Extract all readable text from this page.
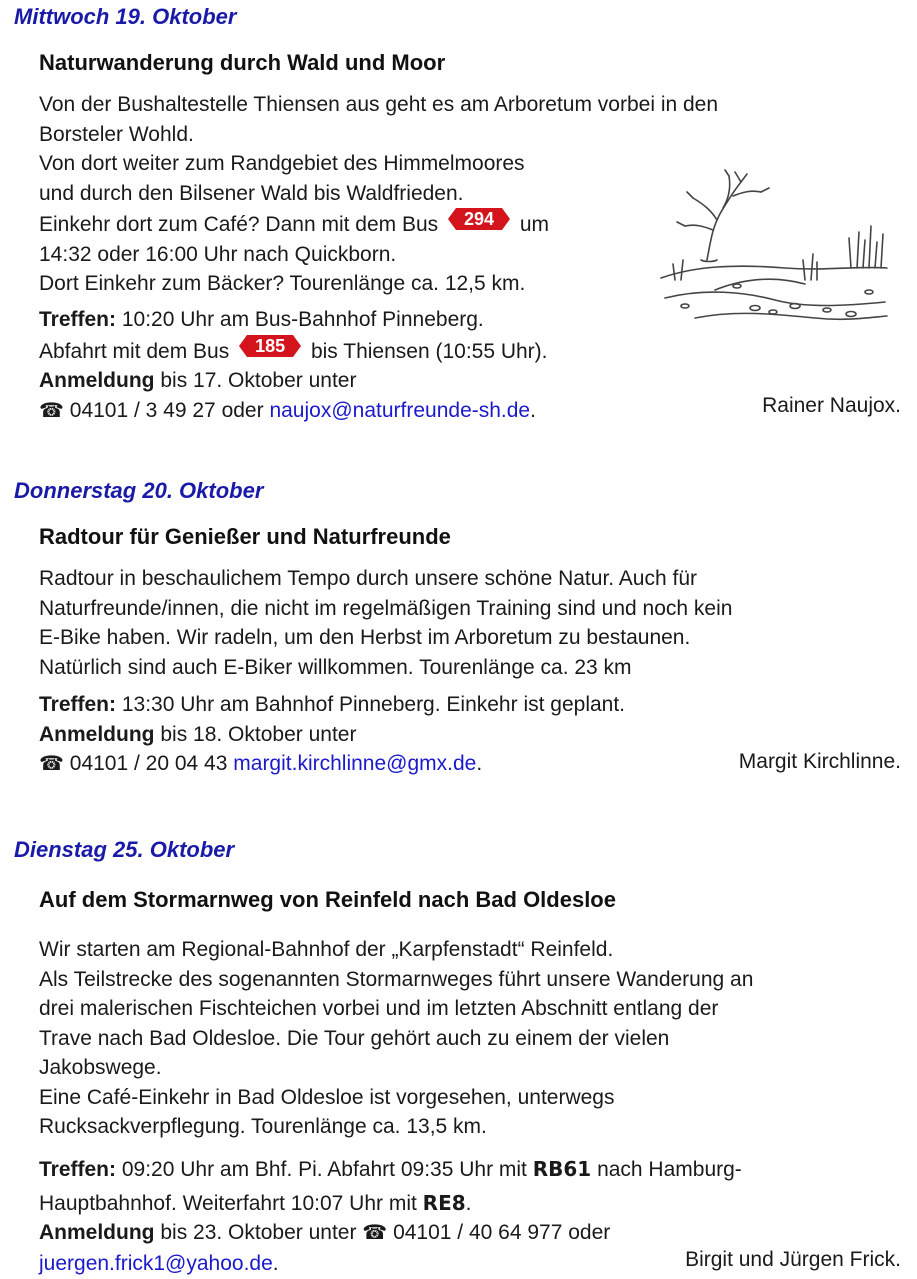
Mittwoch 19. Oktober
Naturwanderung durch Wald und Moor
Von der Bushaltestelle Thiensen aus geht es am Arboretum vorbei in den
Borsteler Wohld.
Von dort weiter zum Randgebiet des Himmelmoores
und durch den Bilsener Wald bis Waldfrieden.
Einkehr dort zum Café? Dann mit dem Bus	294	um
14:32 oder 16:00 Uhr nach Quickborn.
Dort Einkehr zum Bäcker? Tourenlänge ca. 12,5 km.
Treffen: 10:20 Uhr am Bus-Bahnhof Pinneberg.
Abfahrt mit dem Bus	185	bis Thiensen (10:55 Uhr).
Anmeldung bis 17. Oktober unter
☎ 04101 / 3 49 27 oder naujox@naturfreunde-sh.de.	Rainer Naujox.
Donnerstag 20. Oktober
Radtour für Genießer und Naturfreunde
Radtour in beschaulichem Tempo durch unsere schöne Natur. Auch für
Naturfreunde/innen, die nicht im regelmäßigen Training sind und noch kein
E-Bike haben. Wir radeln, um den Herbst im Arboretum zu bestaunen.
Natürlich sind auch E-Biker willkommen. Tourenlänge ca. 23 km
Treffen: 13:30 Uhr am Bahnhof Pinneberg. Einkehr ist geplant.
Anmeldung bis 18. Oktober unter
☎ 04101 / 20 04 43 margit.kirchlinne@gmx.de.	Margit Kirchlinne.
Dienstag 25. Oktober
Auf dem Stormarnweg von Reinfeld nach Bad Oldesloe
Wir starten am Regional-Bahnhof der „Karpfenstadt“ Reinfeld.
Als Teilstrecke des sogenannten Stormarnweges führt unsere Wanderung an
drei malerischen Fischteichen vorbei und im letzten Abschnitt entlang der
Trave nach Bad Oldesloe. Die Tour gehört auch zu einem der vielen
Jakobswege.
Eine Café-Einkehr in Bad Oldesloe ist vorgesehen, unterwegs
Rucksackverpflegung. Tourenlänge ca. 13,5 km.
Treffen: 09:20 Uhr am Bhf. Pi. Abfahrt 09:35 Uhr mit RB61 nach Hamburg-
Hauptbahnhof. Weiterfahrt 10:07 Uhr mit RE8.
Anmeldung bis 23. Oktober unter ☎ 04101 / 40 64 977 oder
juergen.frick1@yahoo.de.	Birgit und Jürgen Frick.
